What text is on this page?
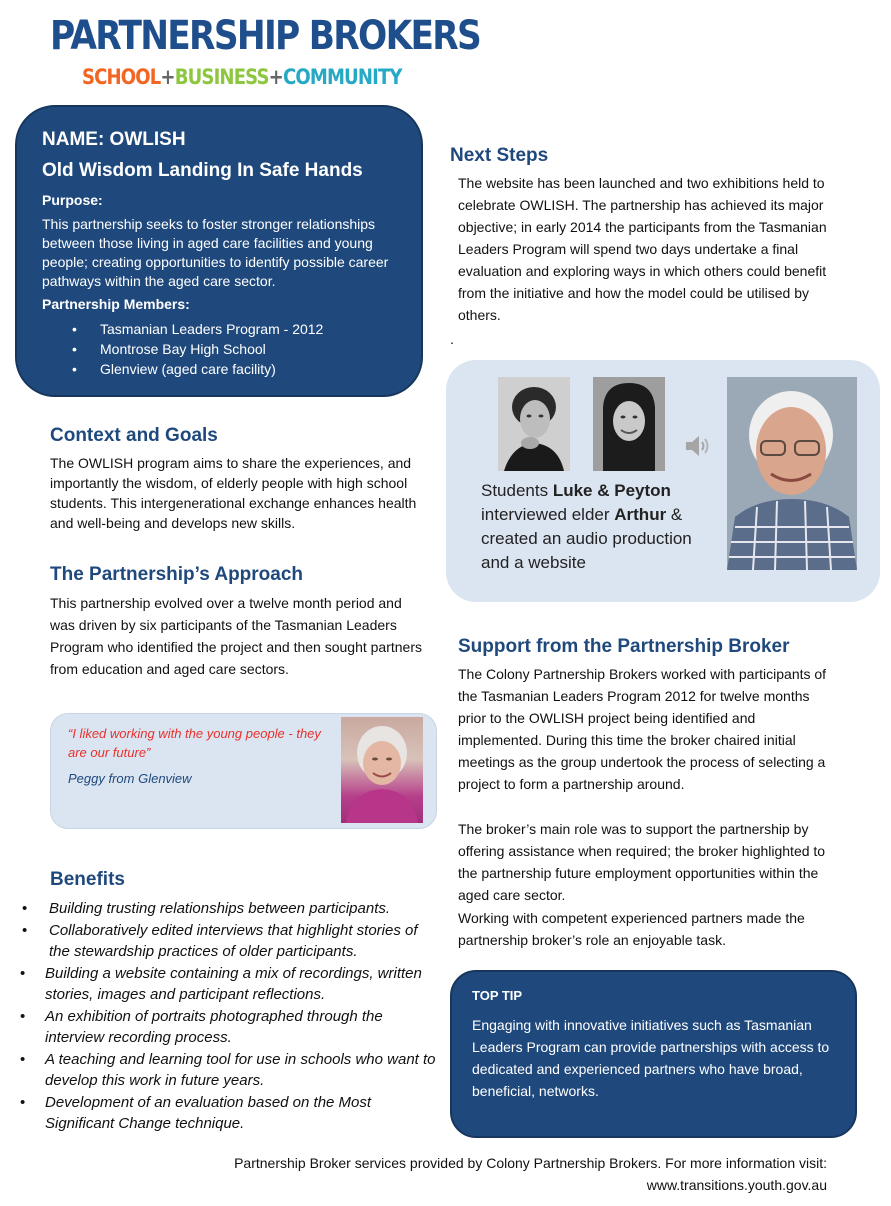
PARTNERSHIP BROKERS
SCHOOL+BUSINESS+COMMUNITY
NAME: OWLISH
Old Wisdom Landing In Safe Hands
Purpose:
This partnership seeks to foster stronger relationships between those living in aged care facilities and young people; creating opportunities to identify possible career pathways within the aged care sector.
Partnership Members:
• Tasmanian Leaders Program - 2012
• Montrose Bay High School
• Glenview (aged care facility)
Context and Goals
The OWLISH program aims to share the experiences, and importantly the wisdom, of elderly people with high school students. This intergenerational exchange enhances health and well-being and develops new skills.
The Partnership’s Approach
This partnership evolved over a twelve month period and was driven by six participants of the Tasmanian Leaders Program who identified the project and then sought partners from education and aged care sectors.
“I liked working with the young people - they are our future”
Peggy from Glenview
Benefits
• Building trusting relationships between participants.
• Collaboratively edited interviews that highlight stories of the stewardship practices of older participants.
• Building a website containing a mix of recordings, written stories, images and participant reflections.
• An exhibition of portraits photographed through the interview recording process.
• A teaching and learning tool for use in schools who want to develop this work in future years.
• Development of an evaluation based on the Most Significant Change technique.
Next Steps
The website has been launched and two exhibitions held to celebrate OWLISH. The partnership has achieved its major objective; in early 2014 the participants from the Tasmanian Leaders Program will spend two days undertake a final evaluation and exploring ways in which others could benefit from the initiative and how the model could be utilised by others.
.
Students Luke & Peyton
interviewed elder Arthur &
created an audio production and a website
Support from the Partnership Broker
The Colony Partnership Brokers worked with participants of the Tasmanian Leaders Program 2012 for twelve months prior to the OWLISH project being identified and implemented. During this time the broker chaired initial meetings as the group undertook the process of selecting a project to form a partnership around.
The broker’s main role was to support the partnership by offering assistance when required; the broker highlighted to the partnership future employment opportunities within the aged care sector.
Working with competent experienced partners made the partnership broker’s role an enjoyable task.
TOP TIP
Engaging with innovative initiatives such as Tasmanian Leaders Program can provide partnerships with access to dedicated and experienced partners who have broad, beneficial, networks.
Partnership Broker services provided by Colony Partnership Brokers. For more information visit:
www.transitions.youth.gov.au
